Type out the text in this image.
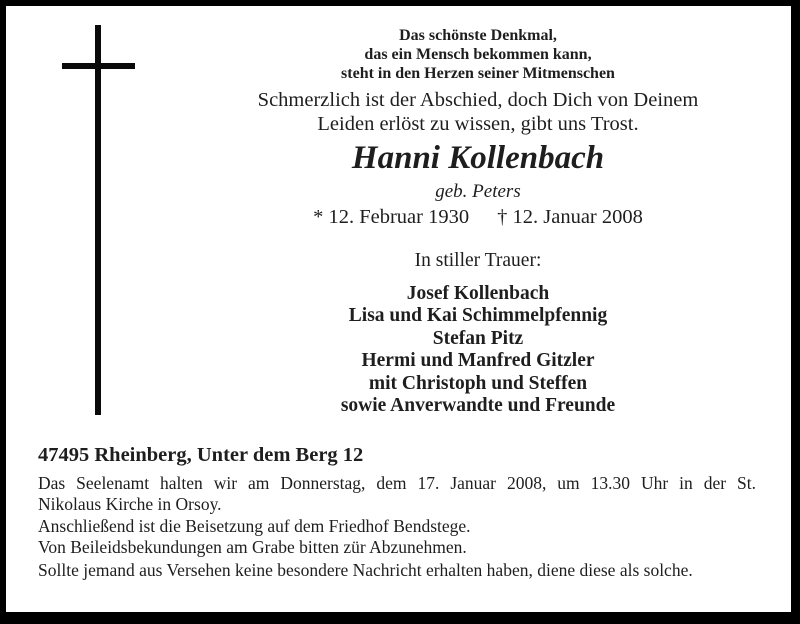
Das schönste Denkmal,
das ein Mensch bekommen kann,
steht in den Herzen seiner Mitmenschen
Schmerzlich ist der Abschied, doch Dich von Deinem
Leiden erlöst zu wissen, gibt uns Trost.
Hanni Kollenbach
geb. Peters
* 12. Februar 1930 † 12. Januar 2008
In stiller Trauer:
Josef Kollenbach
Lisa und Kai Schimmelpfennig
Stefan Pitz
Hermi und Manfred Gitzler
mit Christoph und Steffen
sowie Anverwandte und Freunde
47495 Rheinberg, Unter dem Berg 12
Das Seelenamt halten wir am Donnerstag, dem 17. Januar 2008, um 13.30 Uhr in der St.
Nikolaus Kirche in Orsoy.
Anschließend ist die Beisetzung auf dem Friedhof Bendstege.
Von Beileidsbekundungen am Grabe bitten zür Abzunehmen.
Sollte jemand aus Versehen keine besondere Nachricht erhalten haben, diene diese als solche.
